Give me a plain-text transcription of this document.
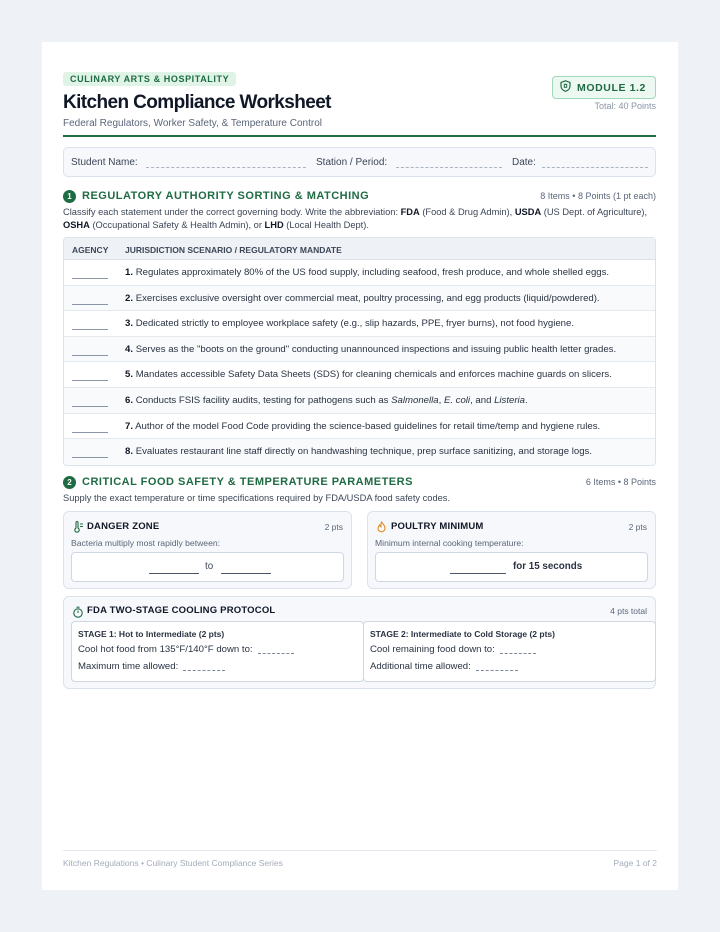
CULINARY ARTS & HOSPITALITY
Kitchen Compliance Worksheet
Federal Regulators, Worker Safety, & Temperature Control
MODULE 1.2
Total: 40 Points
Student Name:	Station / Period:	Date:
1 REGULATORY AUTHORITY SORTING & MATCHING	8 Items • 8 Points (1 pt each)
Classify each statement under the correct governing body. Write the abbreviation: FDA (Food & Drug Admin), USDA (US Dept. of Agriculture), OSHA (Occupational Safety & Health Admin), or LHD (Local Health Dept).
AGENCY JURISDICTION SCENARIO / REGULATORY MANDATE
1. Regulates approximately 80% of the US food supply, including seafood, fresh produce, and whole shelled eggs.
2. Exercises exclusive oversight over commercial meat, poultry processing, and egg products (liquid/powdered).
3. Dedicated strictly to employee workplace safety (e.g., slip hazards, PPE, fryer burns), not food hygiene.
4. Serves as the "boots on the ground" conducting unannounced inspections and issuing public health letter grades.
5. Mandates accessible Safety Data Sheets (SDS) for cleaning chemicals and enforces machine guards on slicers.
6. Conducts FSIS facility audits, testing for pathogens such as Salmonella, E. coli, and Listeria.
7. Author of the model Food Code providing the science-based guidelines for retail time/temp and hygiene rules.
8. Evaluates restaurant line staff directly on handwashing technique, prep surface sanitizing, and storage logs.
2 CRITICAL FOOD SAFETY & TEMPERATURE PARAMETERS	6 Items • 8 Points
Supply the exact temperature or time specifications required by FDA/USDA food safety codes.
DANGER ZONE	2 pts
Bacteria multiply most rapidly between:
to
POULTRY MINIMUM	2 pts
Minimum internal cooking temperature:
for 15 seconds
FDA TWO-STAGE COOLING PROTOCOL	4 pts total
STAGE 1: Hot to Intermediate (2 pts)
Cool hot food from 135°F/140°F down to:
Maximum time allowed:
STAGE 2: Intermediate to Cold Storage (2 pts)
Cool remaining food down to:
Additional time allowed:
Kitchen Regulations • Culinary Student Compliance Series	Page 1 of 2
